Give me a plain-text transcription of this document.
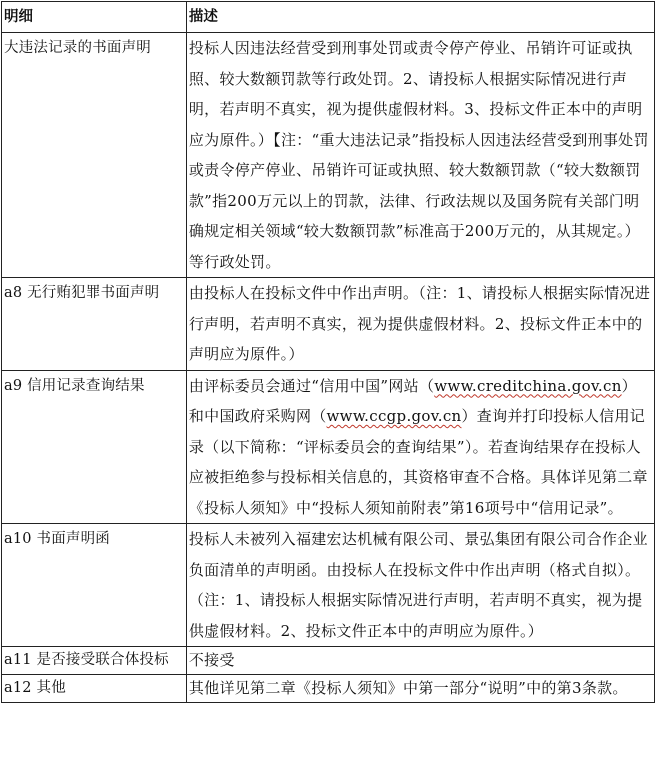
明细	描述
大违法记录的书面声明	投标人因违法经营受到刑事处罚或责令停产停业、吊销许可证或执照、较大数额罚款等行政处罚。2、请投标人根据实际情况进行声明，若声明不真实，视为提供虚假材料。3、投标文件正本中的声明应为原件。）【注：“重大违法记录”指投标人因违法经营受到刑事处罚或责令停产停业、吊销许可证或执照、较大数额罚款（“较大数额罚款”指200万元以上的罚款，法律、行政法规以及国务院有关部门明确规定相关领域“较大数额罚款”标准高于200万元的，从其规定。）等行政处罚。
a8 无行贿犯罪书面声明	由投标人在投标文件中作出声明。（注：1、请投标人根据实际情况进行声明，若声明不真实，视为提供虚假材料。2、投标文件正本中的声明应为原件。）
a9 信用记录查询结果	由评标委员会通过“信用中国”网站（www.creditchina.gov.cn）和中国政府采购网（www.ccgp.gov.cn）查询并打印投标人信用记录（以下简称：“评标委员会的查询结果”）。若查询结果存在投标人应被拒绝参与投标相关信息的，其资格审查不合格。具体详见第二章《投标人须知》中“投标人须知前附表”第16项号中“信用记录”。
a10 书面声明函	投标人未被列入福建宏达机械有限公司、景弘集团有限公司合作企业负面清单的声明函。由投标人在投标文件中作出声明（格式自拟）。（注：1、请投标人根据实际情况进行声明，若声明不真实，视为提供虚假材料。2、投标文件正本中的声明应为原件。）
a11 是否接受联合体投标	不接受
a12 其他	其他详见第二章《投标人须知》中第一部分“说明”中的第3条款。
